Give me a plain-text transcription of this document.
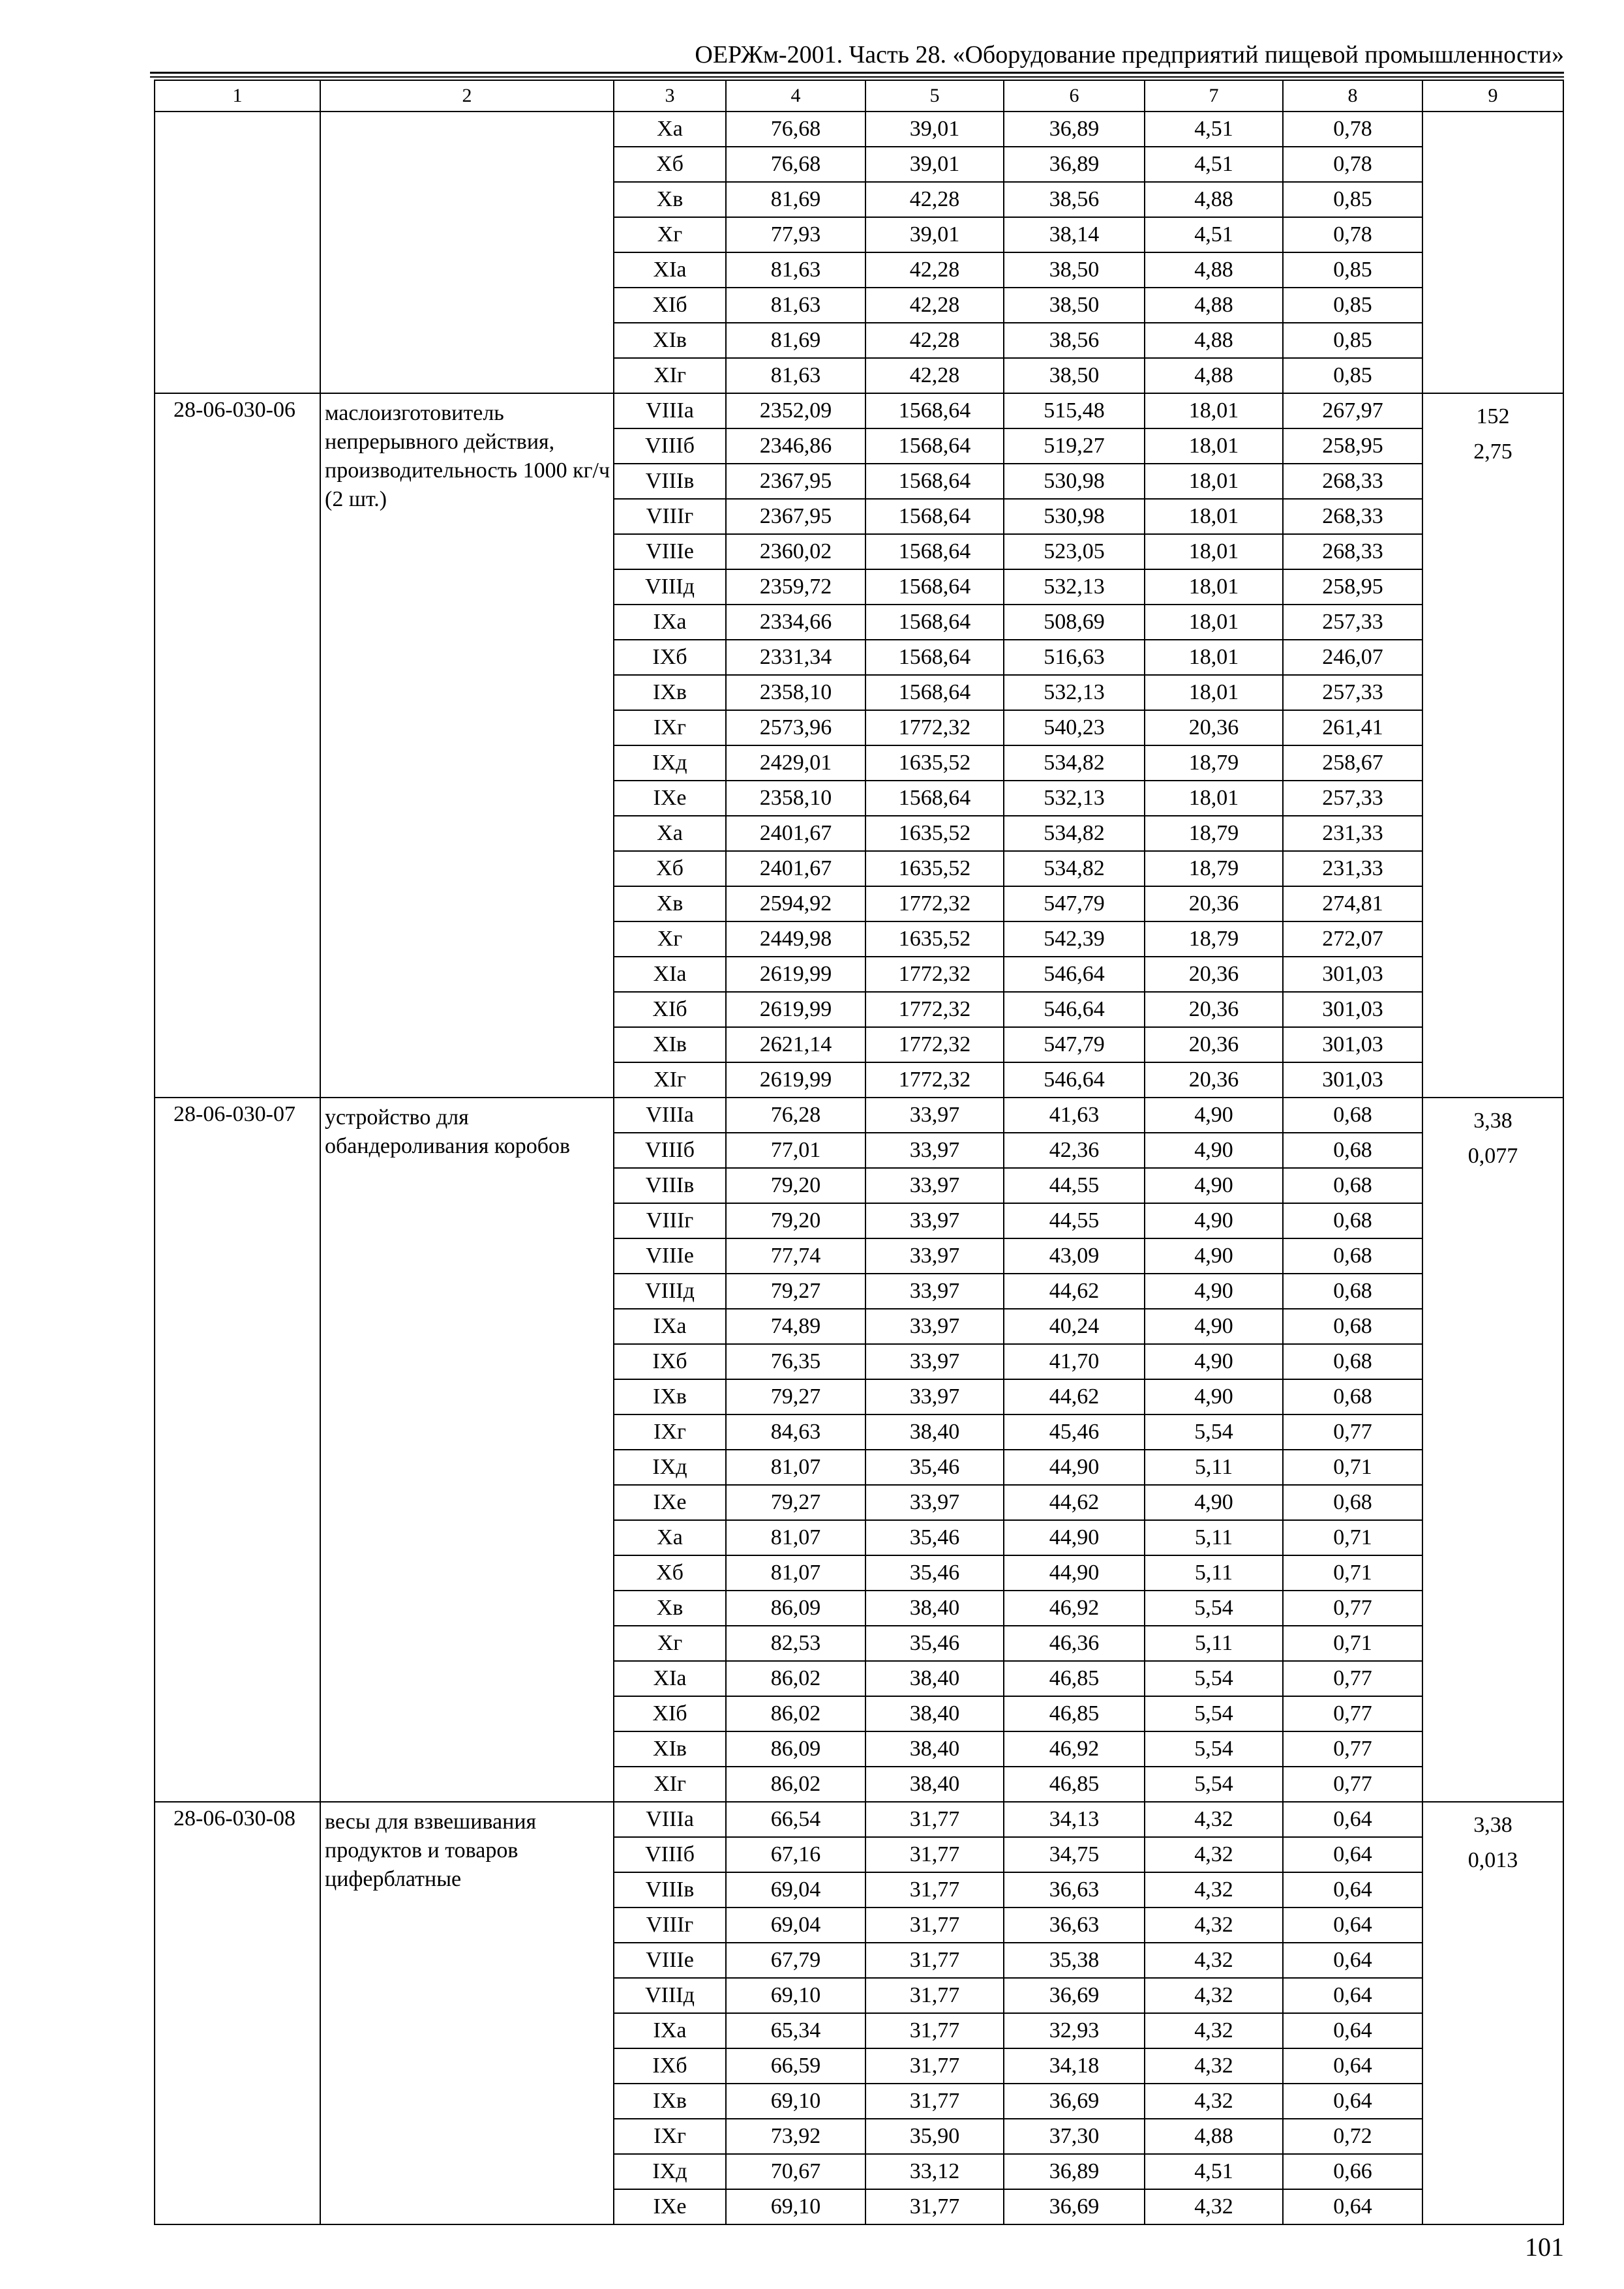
ОЕРЖм-2001. Часть 28. «Оборудование предприятий пищевой промышленности»
1	2	3	4	5	6	7	8	9
		Xa	76,68	39,01	36,89	4,51	0,78	
		Xб	76,68	39,01	36,89	4,51	0,78	
		Xв	81,69	42,28	38,56	4,88	0,85	
		Xг	77,93	39,01	38,14	4,51	0,78	
		XIa	81,63	42,28	38,50	4,88	0,85	
		XIб	81,63	42,28	38,50	4,88	0,85	
		XIв	81,69	42,28	38,56	4,88	0,85	
		XIг	81,63	42,28	38,50	4,88	0,85	
28-06-030-06	маслоизготовитель непрерывного действия, производительность 1000 кг/ч (2 шт.)	VIIIa	2352,09	1568,64	515,48	18,01	267,97	152
2,75

		VIIIб	2346,86	1568,64	519,27	18,01	258,95	
		VIIIв	2367,95	1568,64	530,98	18,01	268,33	
		VIIIг	2367,95	1568,64	530,98	18,01	268,33	
		VIIIe	2360,02	1568,64	523,05	18,01	268,33	
		VIIIд	2359,72	1568,64	532,13	18,01	258,95	
		IXa	2334,66	1568,64	508,69	18,01	257,33	
		IXб	2331,34	1568,64	516,63	18,01	246,07	
		IXв	2358,10	1568,64	532,13	18,01	257,33	
		IXг	2573,96	1772,32	540,23	20,36	261,41	
		IXд	2429,01	1635,52	534,82	18,79	258,67	
		IXe	2358,10	1568,64	532,13	18,01	257,33	
		Xa	2401,67	1635,52	534,82	18,79	231,33	
		Xб	2401,67	1635,52	534,82	18,79	231,33	
		Xв	2594,92	1772,32	547,79	20,36	274,81	
		Xг	2449,98	1635,52	542,39	18,79	272,07	
		XIa	2619,99	1772,32	546,64	20,36	301,03	
		XIб	2619,99	1772,32	546,64	20,36	301,03	
		XIв	2621,14	1772,32	547,79	20,36	301,03	
		XIг	2619,99	1772,32	546,64	20,36	301,03	
28-06-030-07	устройство для обандероливания коробов	VIIIa	76,28	33,97	41,63	4,90	0,68	3,38
0,077

		VIIIб	77,01	33,97	42,36	4,90	0,68	
		VIIIв	79,20	33,97	44,55	4,90	0,68	
		VIIIг	79,20	33,97	44,55	4,90	0,68	
		VIIIe	77,74	33,97	43,09	4,90	0,68	
		VIIIд	79,27	33,97	44,62	4,90	0,68	
		IXa	74,89	33,97	40,24	4,90	0,68	
		IXб	76,35	33,97	41,70	4,90	0,68	
		IXв	79,27	33,97	44,62	4,90	0,68	
		IXг	84,63	38,40	45,46	5,54	0,77	
		IXд	81,07	35,46	44,90	5,11	0,71	
		IXe	79,27	33,97	44,62	4,90	0,68	
		Xa	81,07	35,46	44,90	5,11	0,71	
		Xб	81,07	35,46	44,90	5,11	0,71	
		Xв	86,09	38,40	46,92	5,54	0,77	
		Xг	82,53	35,46	46,36	5,11	0,71	
		XIa	86,02	38,40	46,85	5,54	0,77	
		XIб	86,02	38,40	46,85	5,54	0,77	
		XIв	86,09	38,40	46,92	5,54	0,77	
		XIг	86,02	38,40	46,85	5,54	0,77	
28-06-030-08	весы для взвешивания продуктов и товаров циферблатные	VIIIa	66,54	31,77	34,13	4,32	0,64	3,38
0,013

		VIIIб	67,16	31,77	34,75	4,32	0,64	
		VIIIв	69,04	31,77	36,63	4,32	0,64	
		VIIIг	69,04	31,77	36,63	4,32	0,64	
		VIIIe	67,79	31,77	35,38	4,32	0,64	
		VIIIд	69,10	31,77	36,69	4,32	0,64	
		IXa	65,34	31,77	32,93	4,32	0,64	
		IXб	66,59	31,77	34,18	4,32	0,64	
		IXв	69,10	31,77	36,69	4,32	0,64	
		IXг	73,92	35,90	37,30	4,88	0,72	
		IXд	70,67	33,12	36,89	4,51	0,66	
		IXe	69,10	31,77	36,69	4,32	0,64	
101
